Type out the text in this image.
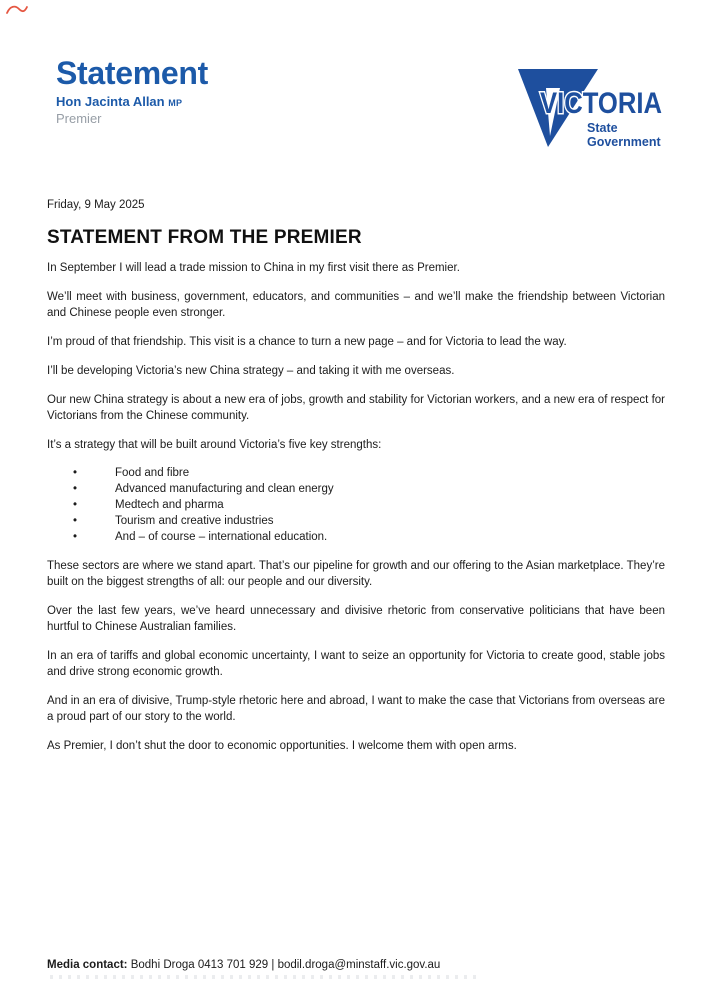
Statement

Hon Jacinta Allan MP

Premier	VICTORIA
State
Government
Friday, 9 May 2025
STATEMENT FROM THE PREMIER

In September I will lead a trade mission to China in my first visit there as Premier.

We’ll meet with business, government, educators, and communities – and we’ll make the friendship between Victorian and Chinese people even stronger.

I’m proud of that friendship. This visit is a chance to turn a new page – and for Victoria to lead the way.

I’ll be developing Victoria’s new China strategy – and taking it with me overseas.

Our new China strategy is about a new era of jobs, growth and stability for Victorian workers, and a new era of respect for Victorians from the Chinese community.

It’s a strategy that will be built around Victoria’s five key strengths:

• Food and fibre
• Advanced manufacturing and clean energy
• Medtech and pharma
• Tourism and creative industries
• And – of course – international education.

These sectors are where we stand apart. That’s our pipeline for growth and our offering to the Asian marketplace. They’re built on the biggest strengths of all: our people and our diversity.

Over the last few years, we’ve heard unnecessary and divisive rhetoric from conservative politicians that have been hurtful to Chinese Australian families.

In an era of tariffs and global economic uncertainty, I want to seize an opportunity for Victoria to create good, stable jobs and drive strong economic growth.

And in an era of divisive, Trump-style rhetoric here and abroad, I want to make the case that Victorians from overseas are a proud part of our story to the world.

As Premier, I don’t shut the door to economic opportunities. I welcome them with open arms.

Media contact: Bodhi Droga 0413 701 929 | bodil.droga@minstaff.vic.gov.au
